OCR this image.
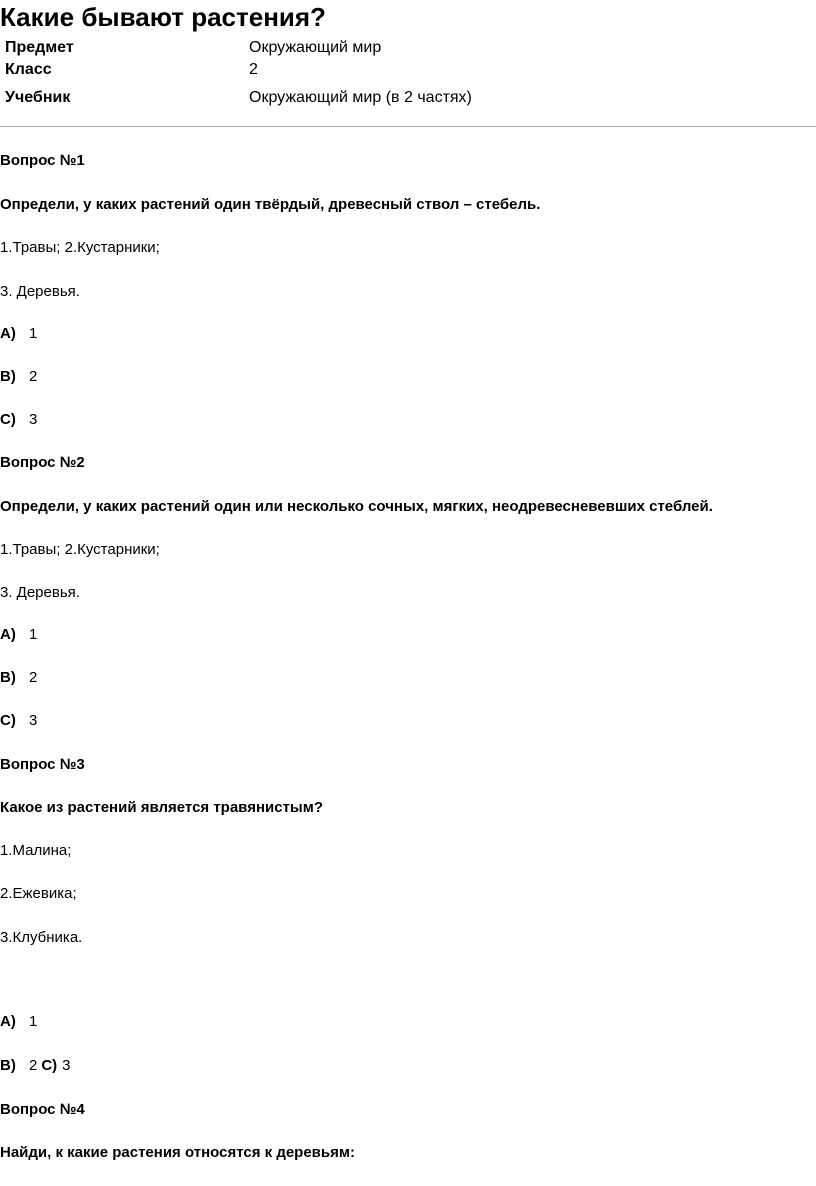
Какие бывают растения?
Предмет	Окружающий мир
Класс	2
Учебник	Окружающий мир (в 2 частях)
Вопрос №1
Определи, у каких растений один твёрдый, древесный ствол – стебель.
1.Травы; 2.Кустарники;
3. Деревья.
A) 1
B) 2
C) 3
Вопрос №2
Определи, у каких растений один или несколько сочных, мягких, неодревесневевших стеблей.
1.Травы; 2.Кустарники;
3. Деревья.
A) 1
B) 2
C) 3
Вопрос №3
Какое из растений является травянистым?
1.Малина;
2.Ежевика;
3.Клубника.
A) 1
B) 2 C) 3
Вопрос №4
Найди, к какие растения относятся к деревьям:
